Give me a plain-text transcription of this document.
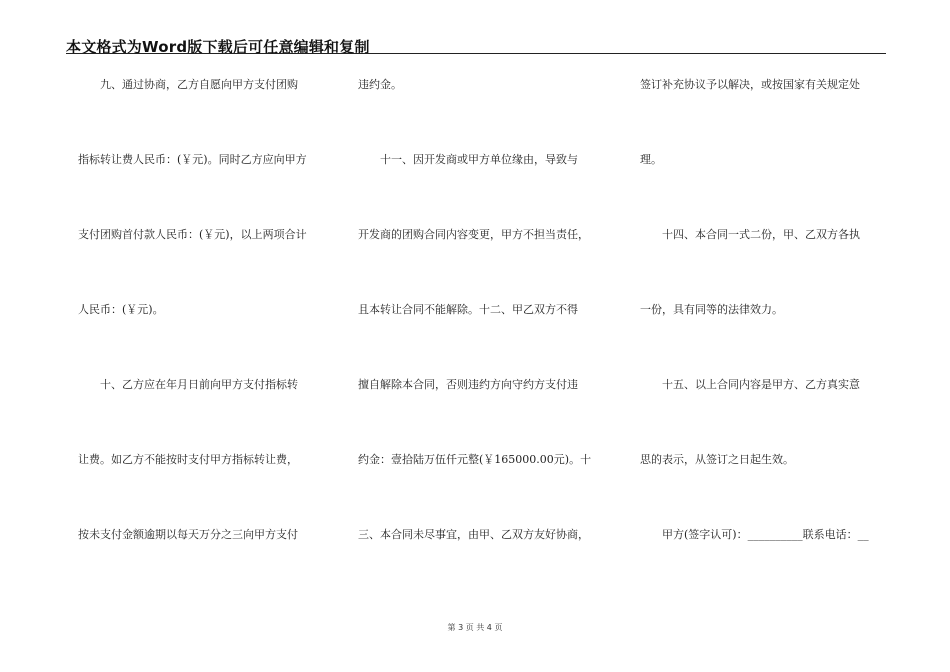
本文格式为Word版下载后可任意编辑和复制
九、通过协商，乙方自愿向甲方支付团购
指标转让费人民币：(￥元)。同时乙方应向甲方
支付团购首付款人民币：(￥元)，以上两项合计
人民币：(￥元)。
十、乙方应在年月日前向甲方支付指标转
让费。如乙方不能按时支付甲方指标转让费，
按未支付金额逾期以每天万分之三向甲方支付
违约金。
十一、因开发商或甲方单位缘由，导致与
开发商的团购合同内容变更，甲方不担当责任，
且本转让合同不能解除。十二、甲乙双方不得
擅自解除本合同，否则违约方向守约方支付违
约金：壹拾陆万伍仟元整(￥165000.00元)。十
三、本合同未尽事宜，由甲、乙双方友好协商，
签订补充协议予以解决，或按国家有关规定处
理。
十四、本合同一式二份，甲、乙双方各执
一份，具有同等的法律效力。
十五、以上合同内容是甲方、乙方真实意
思的表示，从签订之日起生效。
甲方(签字认可)：__________联系电话：__
第 3 页 共 4 页
